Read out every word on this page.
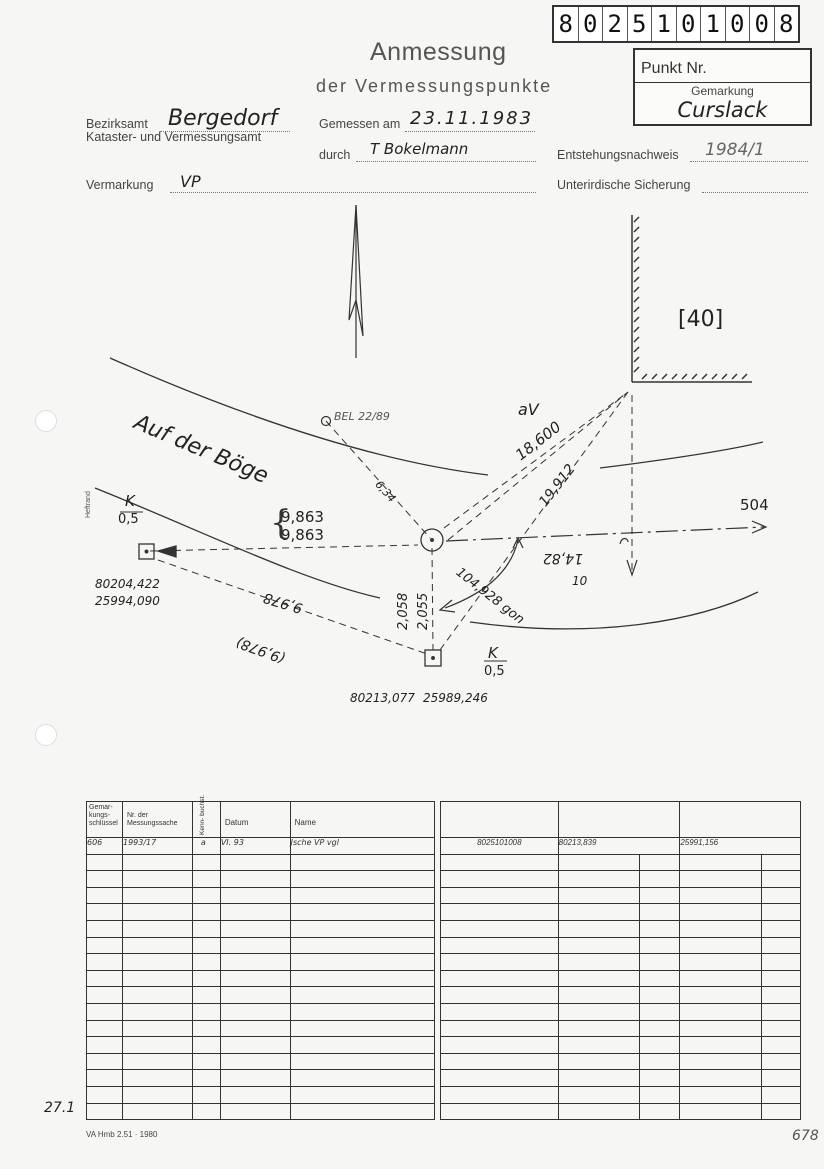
8 0 2 5 1 0 1 0 0 8
Punkt Nr.
Gemarkung
Curslack
Anmessung
der Vermessungspunkte
Bezirksamt Bergedorf
Kataster- und Vermessungsamt
Gemessen am 23.11.1983
durch T Bokelmann	Entstehungsnachweis 1984/1
Vermarkung VP	Unterirdische Sicherung
Auf der Böge
[40]
BEL 22/89	aV
6,34
18,600
19,912
9,863
9,863
{	504
14,82
10
104,928 gon
2,058 2,055
9,978
(9,978)
K
0,5
K
0,5
Heftrand
80204,422
25994,090
80213,077 25989,246
Gemar- kungs- schlüssel	Nr. der Messungssache	Kenn- buchst.	Datum	Name
606	1993/17	a	VI. 93	Jsche VP vgl

			8025101008	80213,839		25991,156	

27.1
VA Hmb 2.51 · 1980	678
